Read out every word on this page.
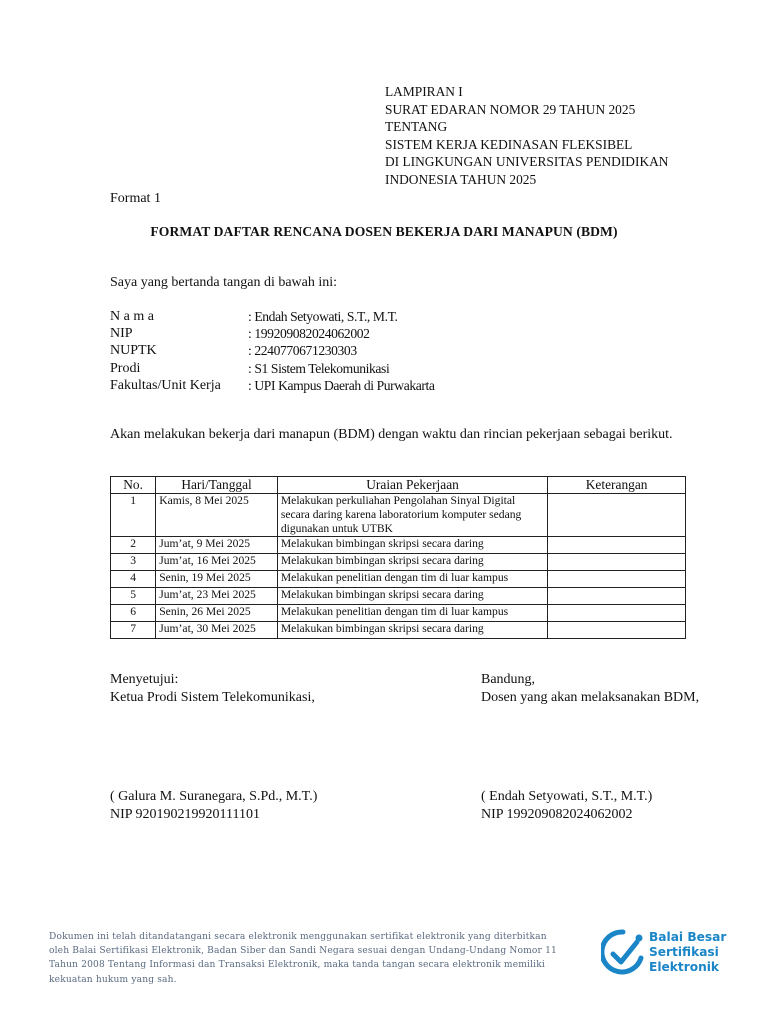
LAMPIRAN I
SURAT EDARAN NOMOR 29 TAHUN 2025
TENTANG
SISTEM KERJA KEDINASAN FLEKSIBEL
DI LINGKUNGAN UNIVERSITAS PENDIDIKAN
INDONESIA TAHUN 2025
Format 1
FORMAT DAFTAR RENCANA DOSEN BEKERJA DARI MANAPUN (BDM)
Saya yang bertanda tangan di bawah ini:
N a m a	: Endah Setyowati, S.T., M.T.
NIP	: 199209082024062002
NUPTK	: 2240770671230303
Prodi	: S1 Sistem Telekomunikasi
Fakultas/Unit Kerja	: UPI Kampus Daerah di Purwakarta
Akan melakukan bekerja dari manapun (BDM) dengan waktu dan rincian pekerjaan sebagai berikut.
No.	Hari/Tanggal	Uraian Pekerjaan	Keterangan
1	Kamis, 8 Mei 2025	Melakukan perkuliahan Pengolahan Sinyal Digital secara daring karena laboratorium komputer sedang digunakan untuk UTBK	
2	Jum’at, 9 Mei 2025	Melakukan bimbingan skripsi secara daring	
3	Jum’at, 16 Mei 2025	Melakukan bimbingan skripsi secara daring	
4	Senin, 19 Mei 2025	Melakukan penelitian dengan tim di luar kampus	
5	Jum’at, 23 Mei 2025	Melakukan bimbingan skripsi secara daring	
6	Senin, 26 Mei 2025	Melakukan penelitian dengan tim di luar kampus	
7	Jum’at, 30 Mei 2025	Melakukan bimbingan skripsi secara daring	
Menyetujui:
Ketua Prodi Sistem Telekomunikasi,
Bandung,
Dosen yang akan melaksanakan BDM,
( Galura M. Suranegara, S.Pd., M.T.)
NIP 920190219920111101
( Endah Setyowati, S.T., M.T.)
NIP 199209082024062002
Dokumen ini telah ditandatangani secara elektronik menggunakan sertifikat elektronik yang diterbitkan
oleh Balai Sertifikasi Elektronik, Badan Siber dan Sandi Negara sesuai dengan Undang-Undang Nomor 11
Tahun 2008 Tentang Informasi dan Transaksi Elektronik, maka tanda tangan secara elektronik memiliki
kekuatan hukum yang sah.
Balai Besar
Sertifikasi
Elektronik
